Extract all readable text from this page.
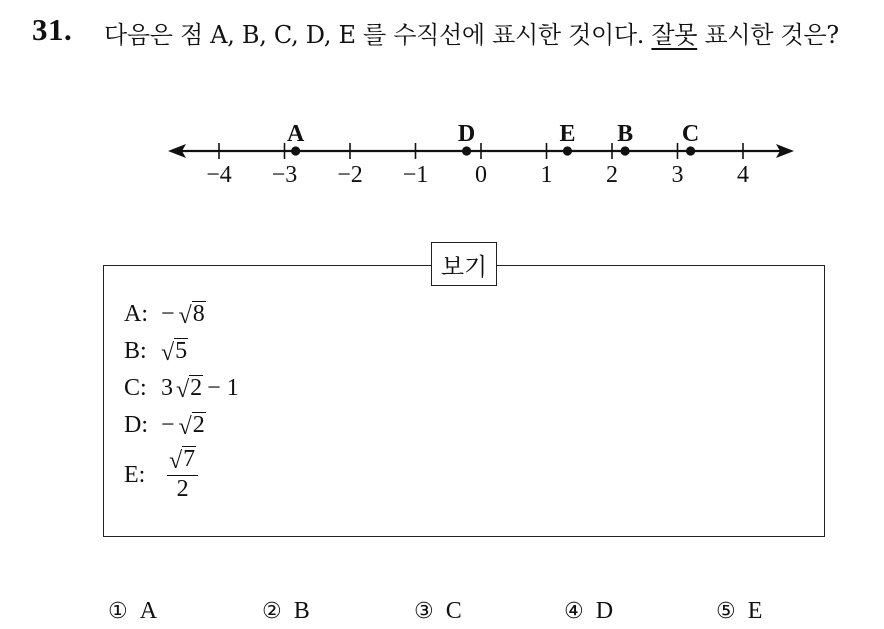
31. 다음은 점 A, B, C, D, E 를 수직선에 표시한 것이다. 잘못 표시한 것은?
−4 −3 −2 −1 0 1 2 3 4
A	D	E B C
보기
A: − √ 8
B: √ 5
C: 3 √ 2 − 1
D: − √ 2
E: $\frac{√ 7}{2}$
① A	② B	③ C	④ D	⑤ E
